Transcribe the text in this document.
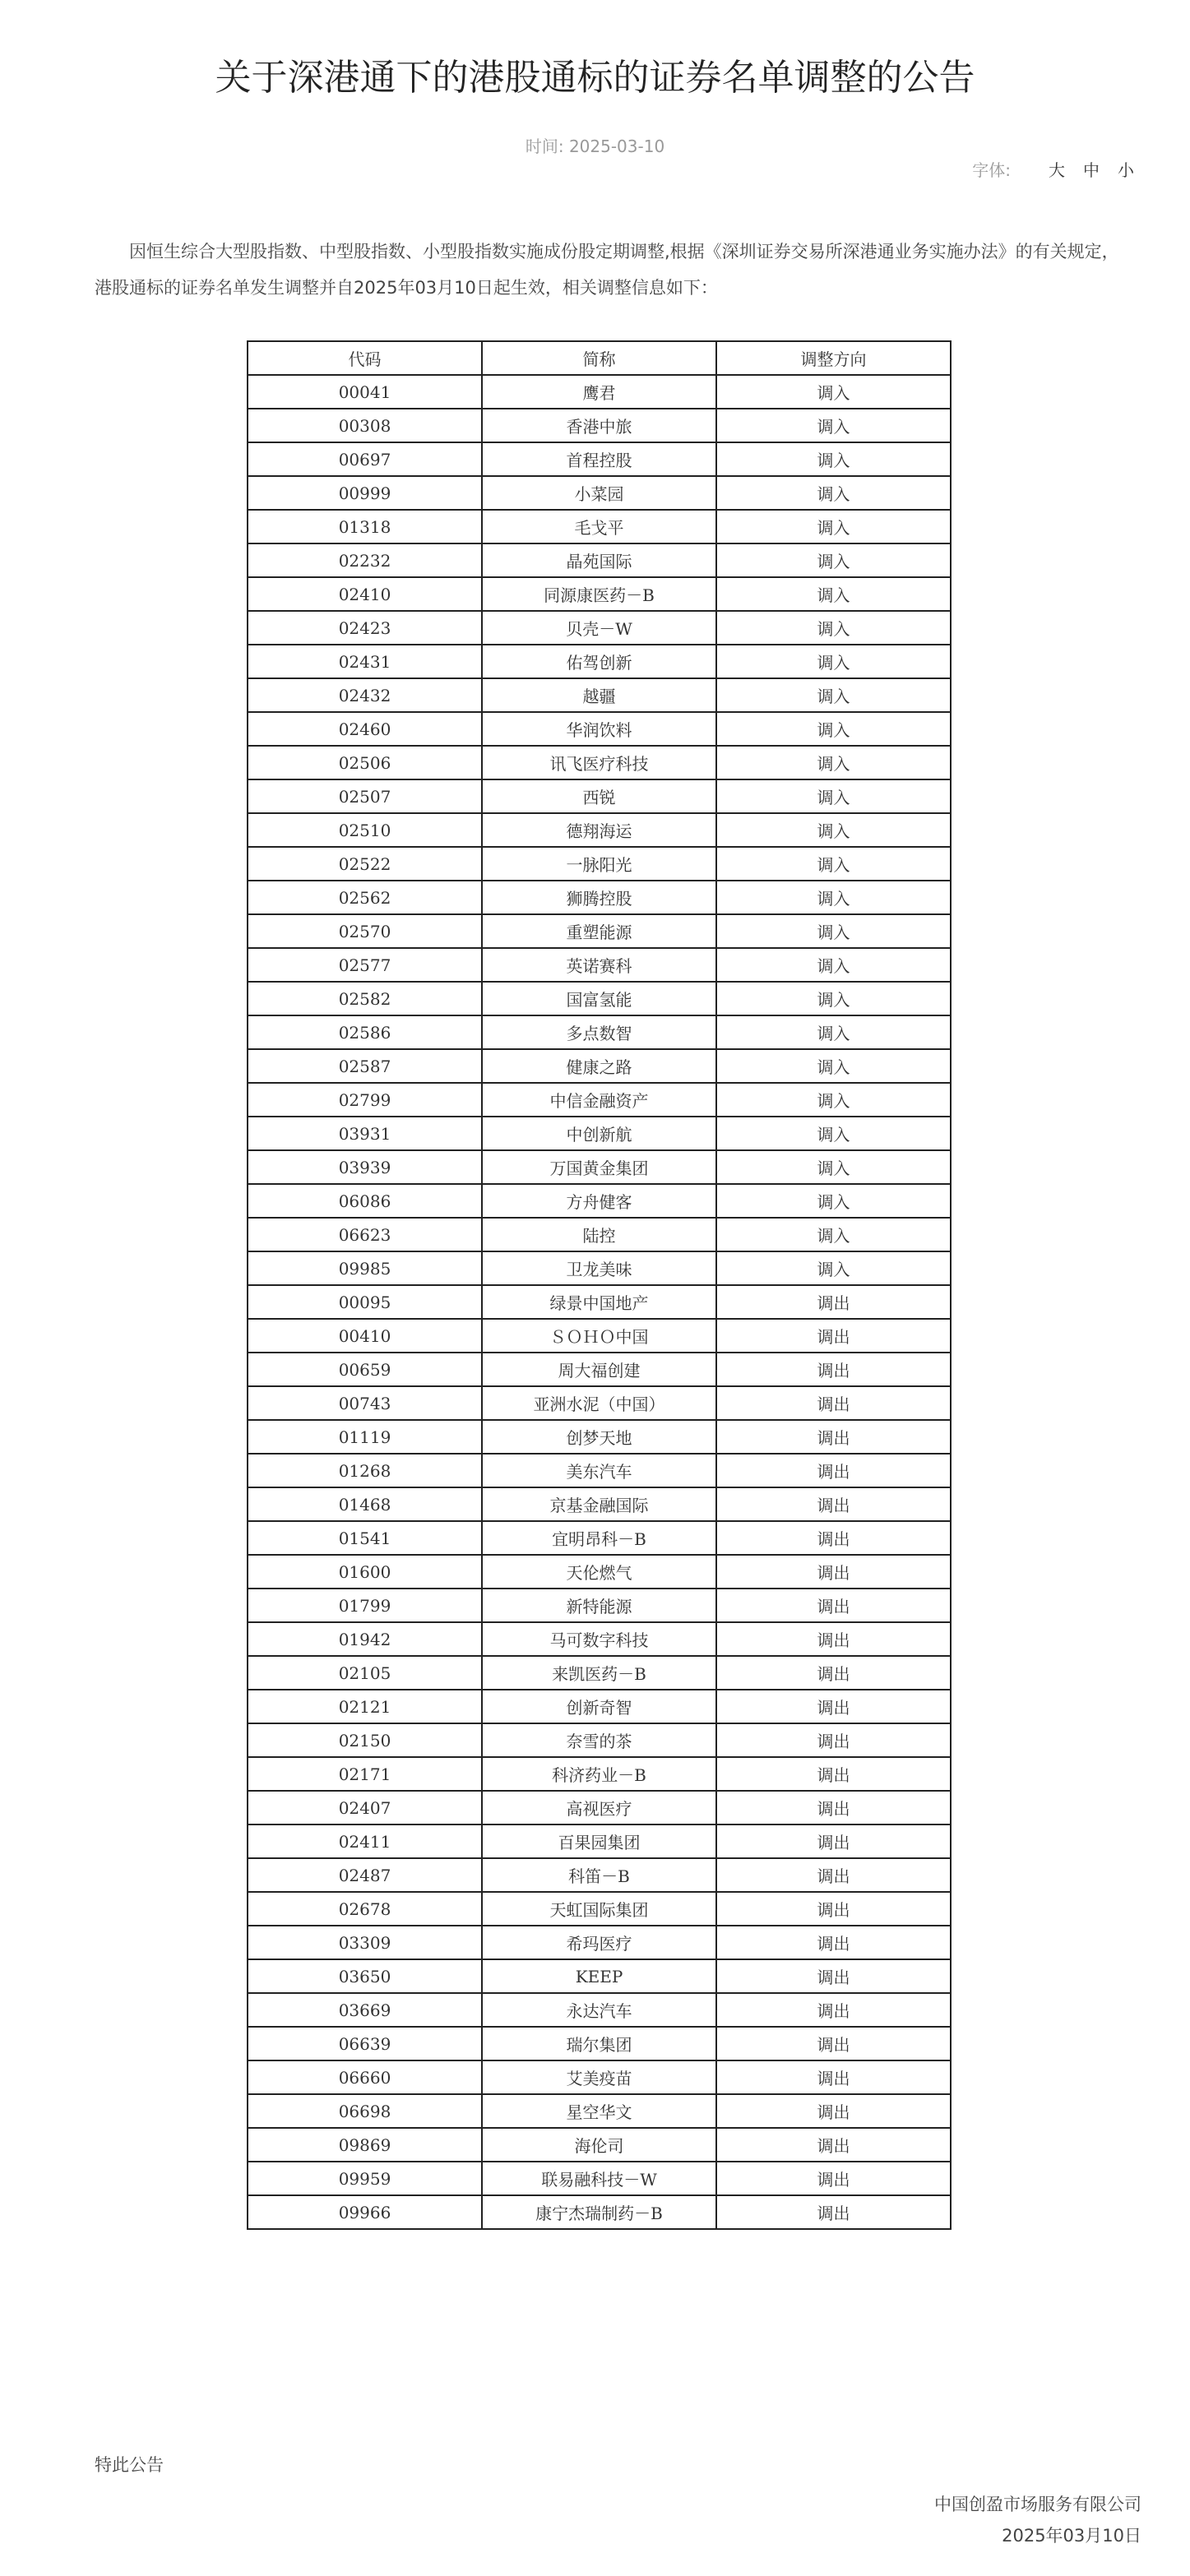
关于深港通下的港股通标的证券名单调整的公告
时间: 2025-03-10
字体: 大 中 小

因恒生综合大型股指数、中型股指数、小型股指数实施成份股定期调整,根据《深圳证券交易所深港通业务实施办法》的有关规定，港股通标的证券名单发生调整并自2025年03月10日起生效，相关调整信息如下：

代码	简称	调整方向
00041	鹰君	调入
00308	香港中旅	调入
00697	首程控股	调入
00999	小菜园	调入
01318	毛戈平	调入
02232	晶苑国际	调入
02410	同源康医药－B	调入
02423	贝壳－W	调入
02431	佑驾创新	调入
02432	越疆	调入
02460	华润饮料	调入
02506	讯飞医疗科技	调入
02507	西锐	调入
02510	德翔海运	调入
02522	一脉阳光	调入
02562	狮腾控股	调入
02570	重塑能源	调入
02577	英诺赛科	调入
02582	国富氢能	调入
02586	多点数智	调入
02587	健康之路	调入
02799	中信金融资产	调入
03931	中创新航	调入
03939	万国黄金集团	调入
06086	方舟健客	调入
06623	陆控	调入
09985	卫龙美味	调入
00095	绿景中国地产	调出
00410	ＳＯＨＯ中国	调出
00659	周大福创建	调出
00743	亚洲水泥（中国）	调出
01119	创梦天地	调出
01268	美东汽车	调出
01468	京基金融国际	调出
01541	宜明昂科－B	调出
01600	天伦燃气	调出
01799	新特能源	调出
01942	马可数字科技	调出
02105	来凯医药－B	调出
02121	创新奇智	调出
02150	奈雪的茶	调出
02171	科济药业－B	调出
02407	高视医疗	调出
02411	百果园集团	调出
02487	科笛－B	调出
02678	天虹国际集团	调出
03309	希玛医疗	调出
03650	KEEP	调出
03669	永达汽车	调出
06639	瑞尔集团	调出
06660	艾美疫苗	调出
06698	星空华文	调出
09869	海伦司	调出
09959	联易融科技－W	调出
09966	康宁杰瑞制药－B	调出
特此公告
中国创盈市场服务有限公司
2025年03月10日
